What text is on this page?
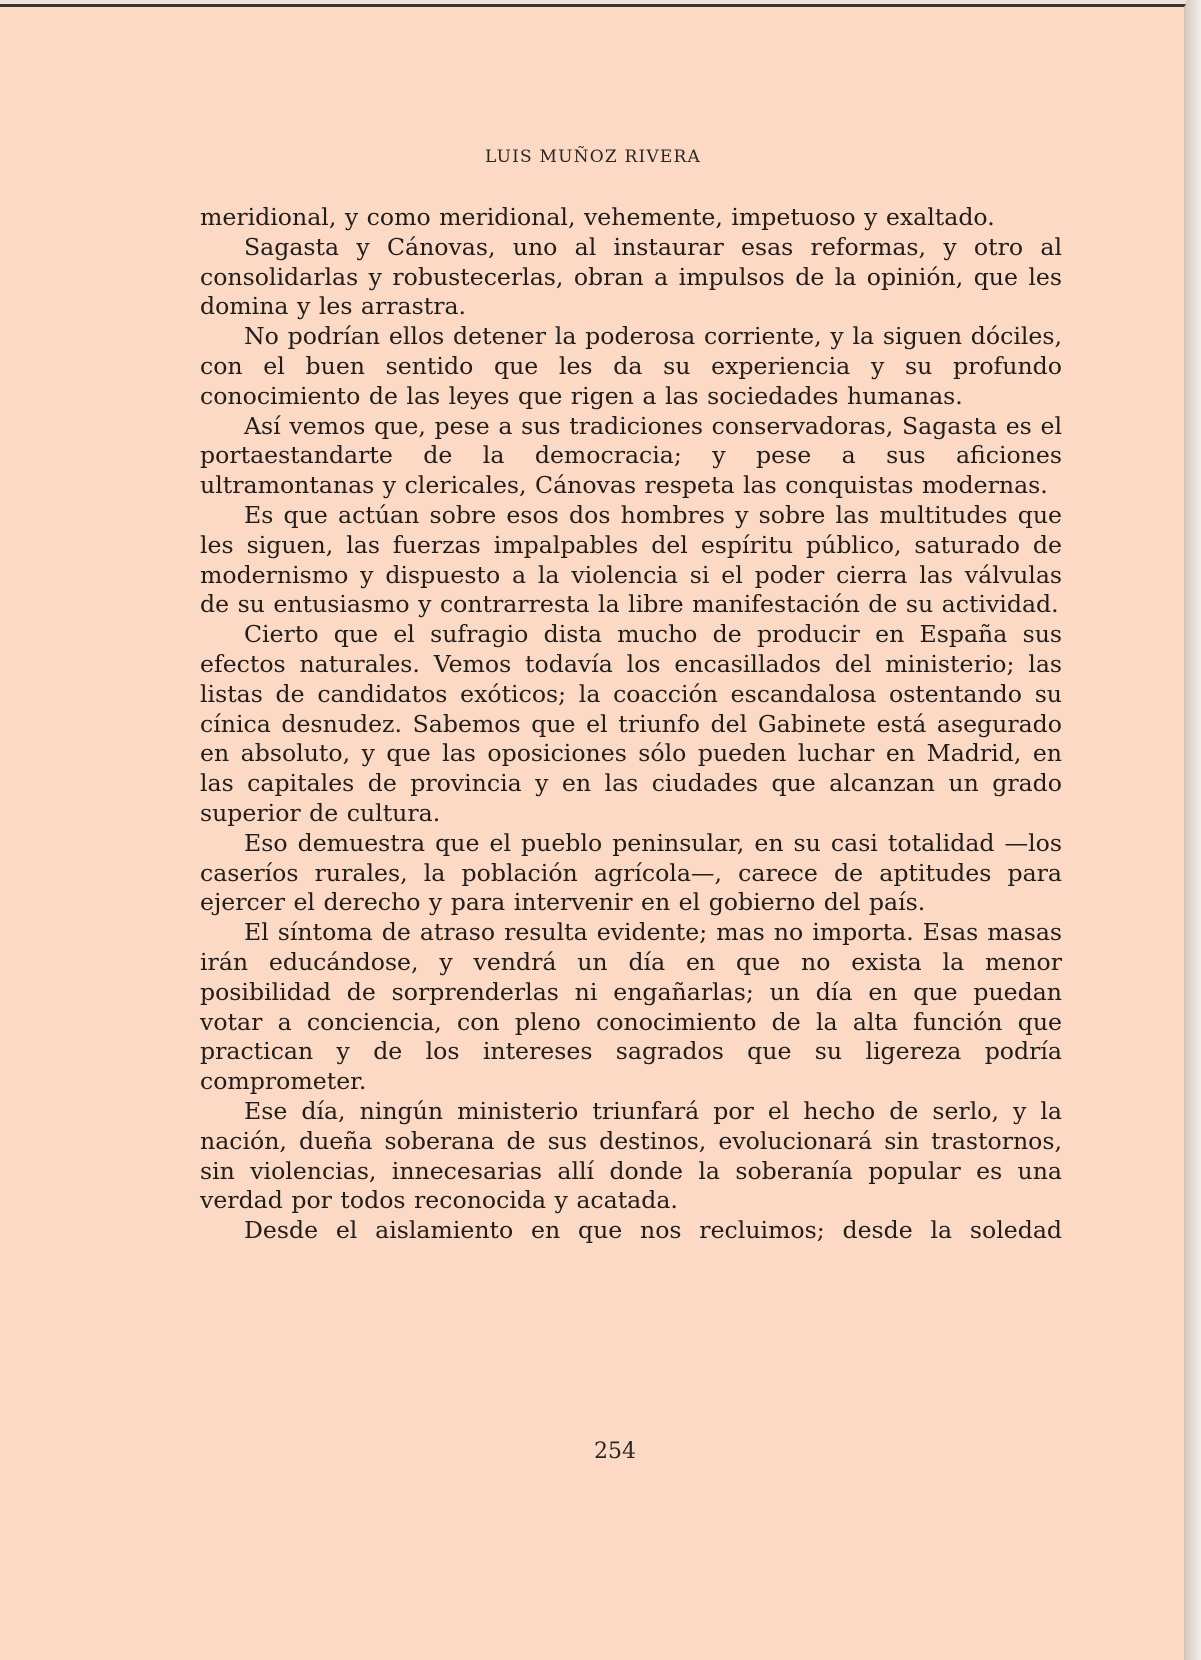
LUIS MUÑOZ RIVERA

meridional, y como meridional, vehemente, impetuoso y exaltado.

Sagasta y Cánovas, uno al instaurar esas reformas, y otro al consolidarlas y robustecerlas, obran a impulsos de la opinión, que les domina y les arrastra.

No podrían ellos detener la poderosa corriente, y la siguen dóciles, con el buen sentido que les da su experiencia y su profundo conocimiento de las leyes que rigen a las sociedades humanas.

Así vemos que, pese a sus tradiciones conservadoras, Sagasta es el portaestandarte de la democracia; y pese a sus aficiones ultramontanas y clericales, Cánovas respeta las conquistas modernas.

Es que actúan sobre esos dos hombres y sobre las multitudes que les siguen, las fuerzas impalpables del espíritu público, saturado de modernismo y dispuesto a la violencia si el poder cierra las válvulas de su entusiasmo y contrarresta la libre manifestación de su actividad.

Cierto que el sufragio dista mucho de producir en España sus efectos naturales. Vemos todavía los encasillados del ministerio; las listas de candidatos exóticos; la coacción escandalosa ostentando su cínica desnudez. Sabemos que el triunfo del Gabinete está asegurado en absoluto, y que las oposiciones sólo pueden luchar en Madrid, en las capitales de provincia y en las ciudades que alcanzan un grado superior de cultura.

Eso demuestra que el pueblo peninsular, en su casi totalidad —los caseríos rurales, la población agrícola—, carece de aptitudes para ejercer el derecho y para intervenir en el gobierno del país.

El síntoma de atraso resulta evidente; mas no importa. Esas masas irán educándose, y vendrá un día en que no exista la menor posibilidad de sorprenderlas ni engañarlas; un día en que puedan votar a conciencia, con pleno conocimiento de la alta función que practican y de los intereses sagrados que su ligereza podría comprometer.

Ese día, ningún ministerio triunfará por el hecho de serlo, y la nación, dueña soberana de sus destinos, evolucionará sin trastornos, sin violencias, innecesarias allí donde la soberanía popular es una verdad por todos reconocida y acatada.

Desde el aislamiento en que nos recluimos; desde la soledad

254
